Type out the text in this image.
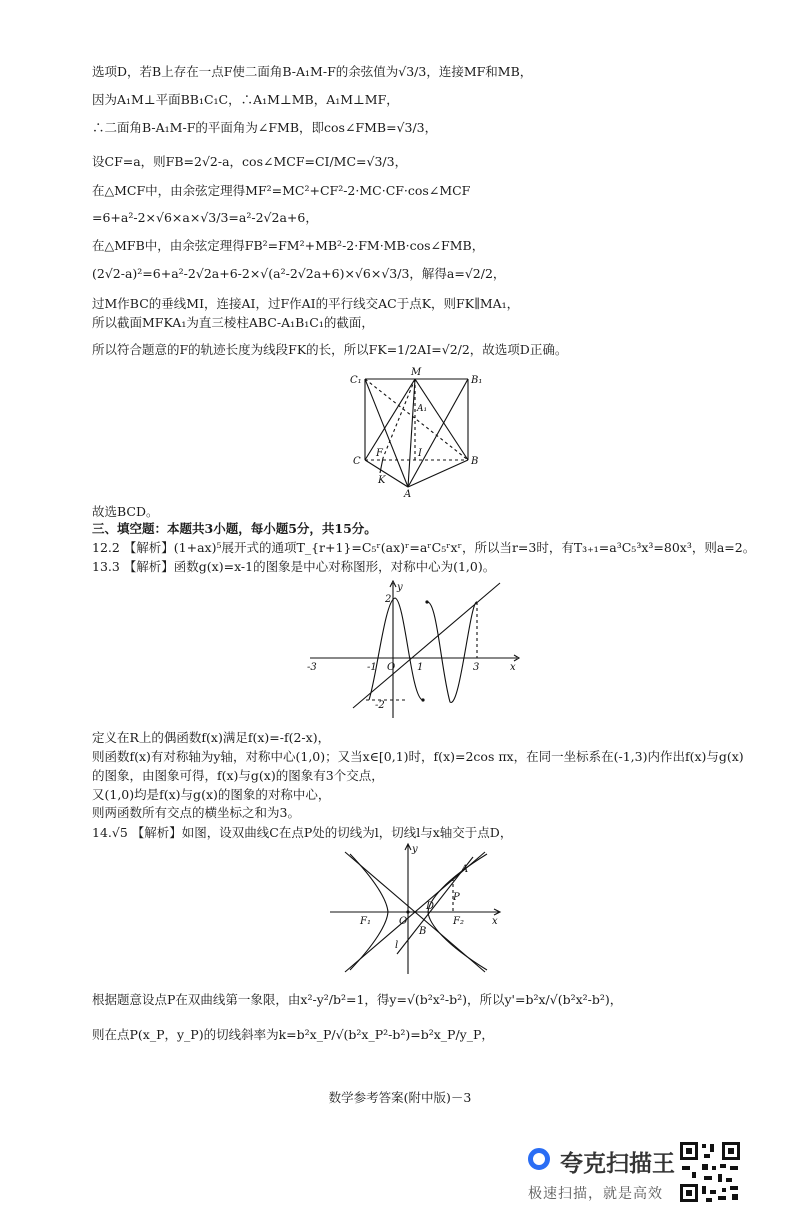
选项D，若B上存在一点F使二面角B-A₁M-F的余弦值为√3/3，连接MF和MB，
因为A₁M⊥平面BB₁C₁C，∴A₁M⊥MB，A₁M⊥MF，
∴二面角B-A₁M-F的平面角为∠FMB，即cos∠FMB=√3/3，
设CF=a，则FB=2√2-a，cos∠MCF=CI/MC=√3/3，
在△MCF中，由余弦定理得MF²=MC²+CF²-2·MC·CF·cos∠MCF
=6+a²-2×√6×a×√3/3=a²-2√2a+6，
在△MFB中，由余弦定理得FB²=FM²+MB²-2·FM·MB·cos∠FMB，
(2√2-a)²=6+a²-2√2a+6-2×√(a²-2√2a+6)×√6×√3/3，解得a=√2/2，
过M作BC的垂线MI，连接AI，过F作AI的平行线交AC于点K，则FK∥MA₁，
所以截面MFKA₁为直三棱柱ABC-A₁B₁C₁的截面，
所以符合题意的F的轨迹长度为线段FK的长，所以FK=1/2AI=√2/2，故选项D正确。
C₁
M
B₁
A₁
C
F	I
B
K
A
故选BCD。
三、填空题：本题共3小题，每小题5分，共15分。
12.2 【解析】(1+ax)⁵展开式的通项T_{r+1}=C₅ʳ(ax)ʳ=aʳC₅ʳxʳ，所以当r=3时，有T₃₊₁=a³C₅³x³=80x³，则a=2。
13.3 【解析】函数g(x)=x-1的图象是中心对称图形，对称中心为(1,0)。
y
2
-2
-3	-1 O 1	3	x
定义在R上的偶函数f(x)满足f(x)=-f(2-x)，
则函数f(x)有对称轴为y轴，对称中心(1,0)；又当x∈[0,1)时，f(x)=2cos πx，在同一坐标系在(-1,3)内作出f(x)与g(x)
的图象，由图象可得，f(x)与g(x)的图象有3个交点，
又(1,0)均是f(x)与g(x)的图象的对称中心，
则两函数所有交点的横坐标之和为3。
14.√5 【解析】如图，设双曲线C在点P处的切线为l，切线l与x轴交于点D，
y
A
P
D
F₁	O	F₂	x
l
B
根据题意设点P在双曲线第一象限，由x²-y²/b²=1，得y=√(b²x²-b²)，所以y'=b²x/√(b²x²-b²)，
则在点P(x_P，y_P)的切线斜率为k=b²x_P/√(b²x_P²-b²)=b²x_P/y_P，
数学参考答案(附中版)－3
夸克扫描王
极速扫描，就是高效
